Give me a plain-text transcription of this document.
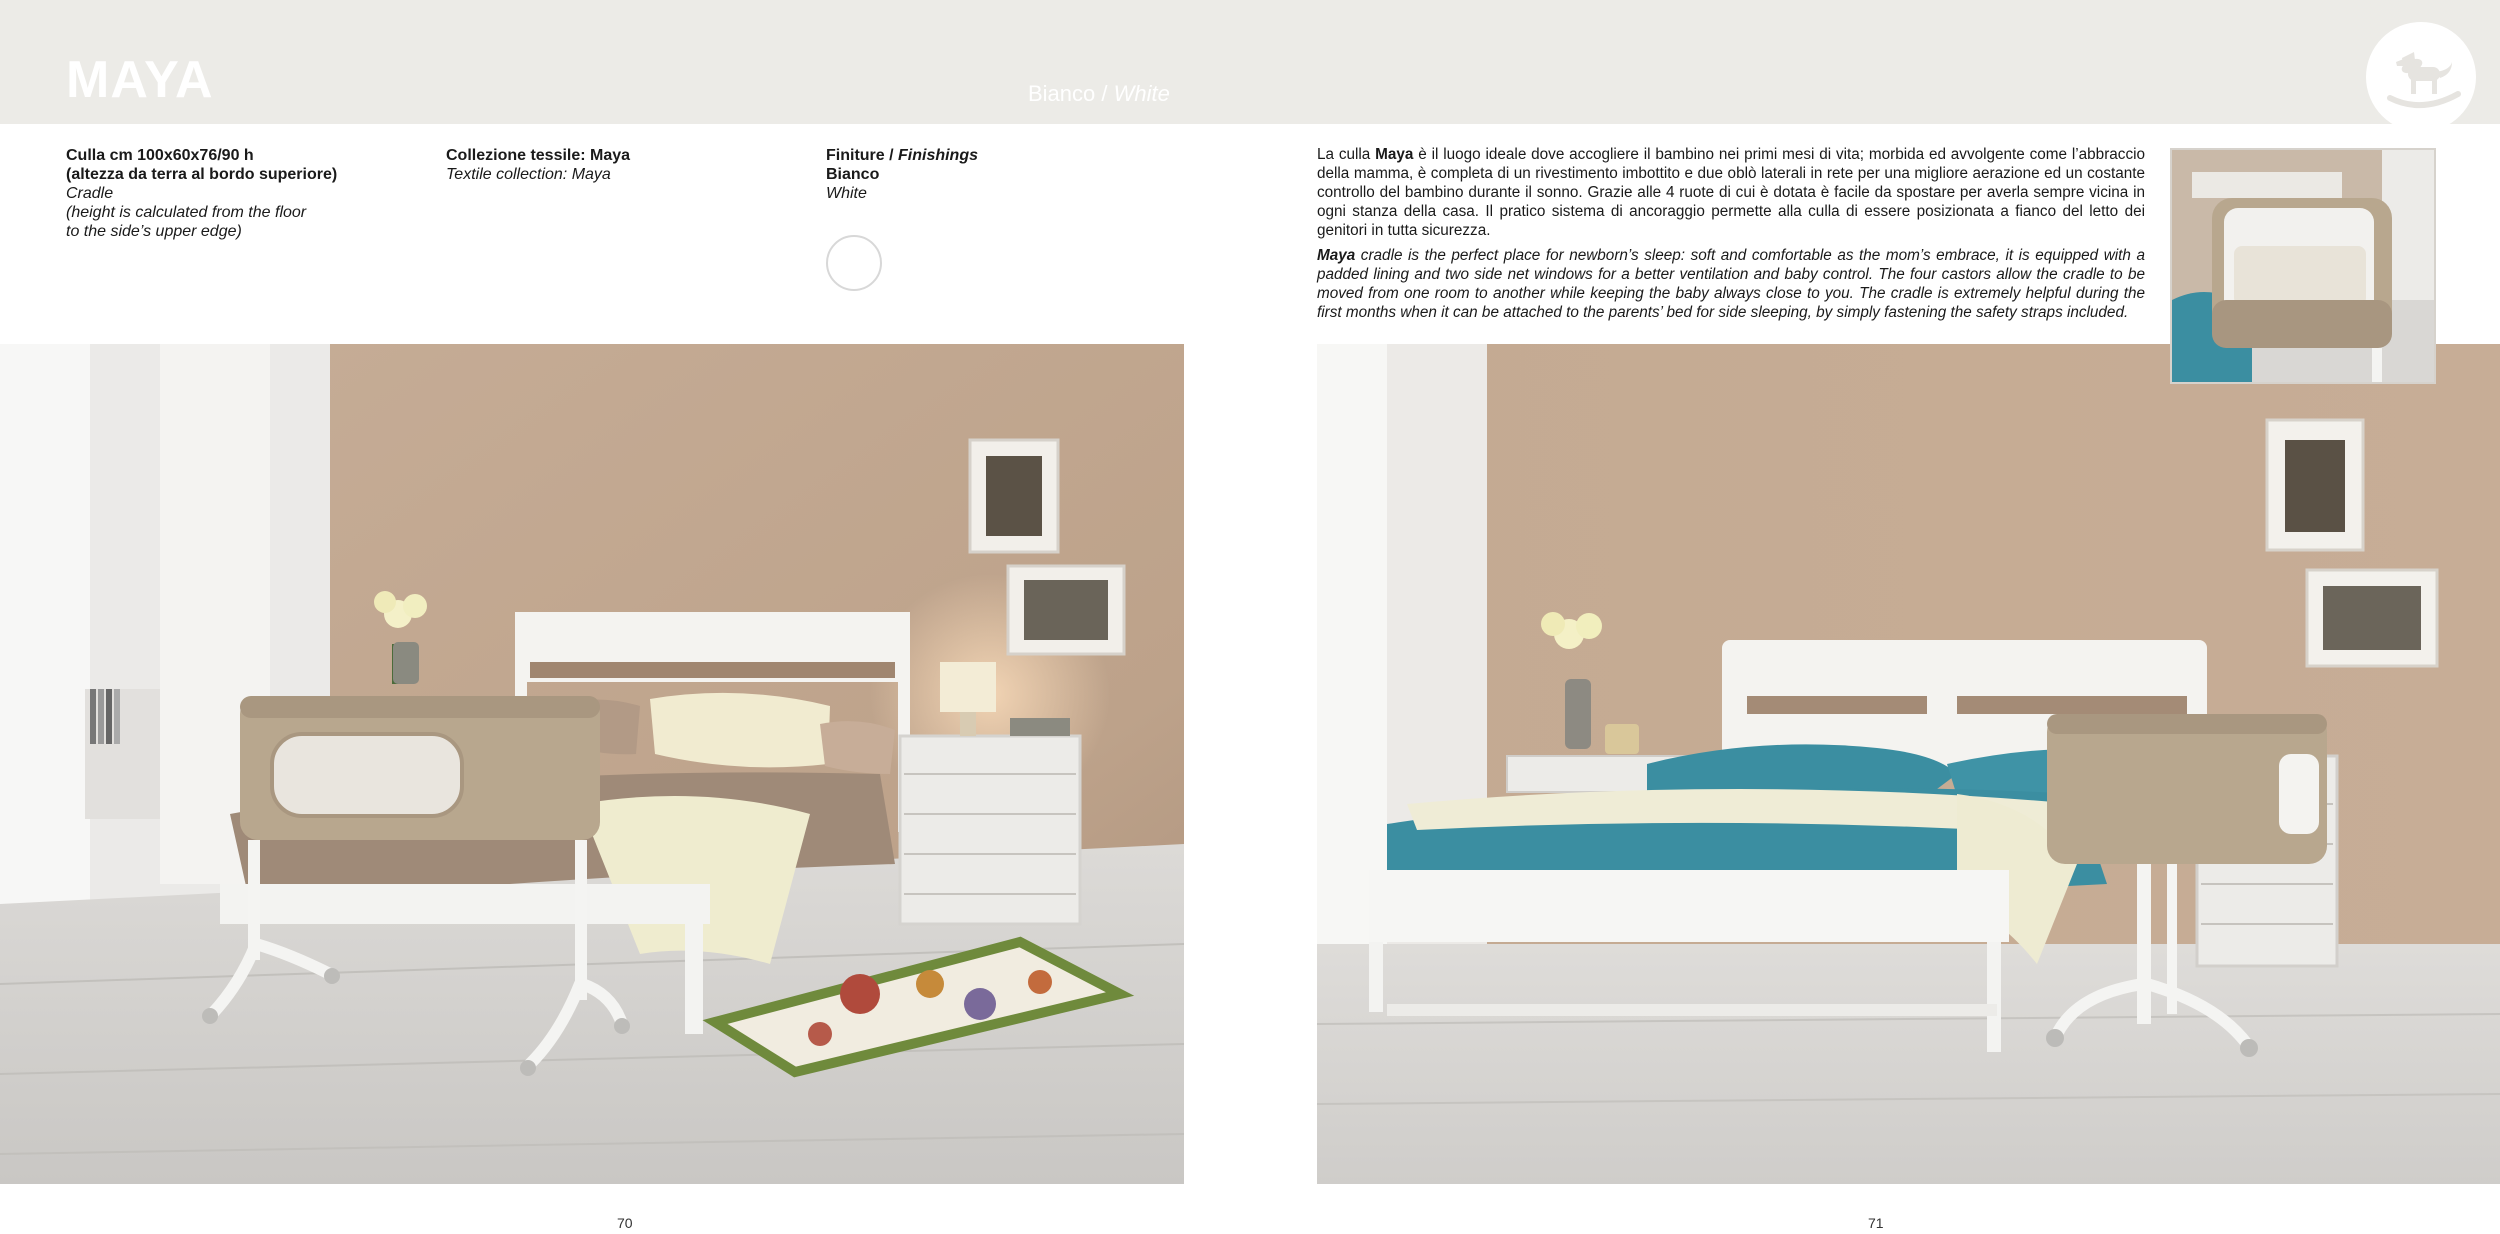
MAYA	Bianco / White
Culla cm 100x60x76/90 h
(altezza da terra al bordo superiore)
Cradle
(height is calculated from the floor
to the side’s upper edge)
Collezione tessile: Maya
Textile collection: Maya
Finiture / Finishings
Bianco
White

La culla Maya è il luogo ideale dove accogliere il bambino nei primi mesi di vita; morbida ed avvolgente come l’abbraccio della mamma, è completa di un rivestimento imbottito e due oblò laterali in rete per una migliore aerazione ed un costante controllo del bambino durante il sonno. Grazie alle 4 ruote di cui è dotata è facile da spostare per averla sempre vicina in ogni stanza della casa. Il pratico sistema di ancoraggio permette alla culla di essere posizionata a fianco del letto dei genitori in tutta sicurezza.

Maya cradle is the perfect place for newborn’s sleep: soft and comfortable as the mom’s embrace, it is equipped with a padded lining and two side net windows for a better ventilation and baby control. The four castors allow the cradle to be moved from one room to another while keeping the baby always close to you. The cradle is extremely helpful during the first months when it can be attached to the parents’ bed for side sleeping, by simply fastening the safety straps included.

70	71
